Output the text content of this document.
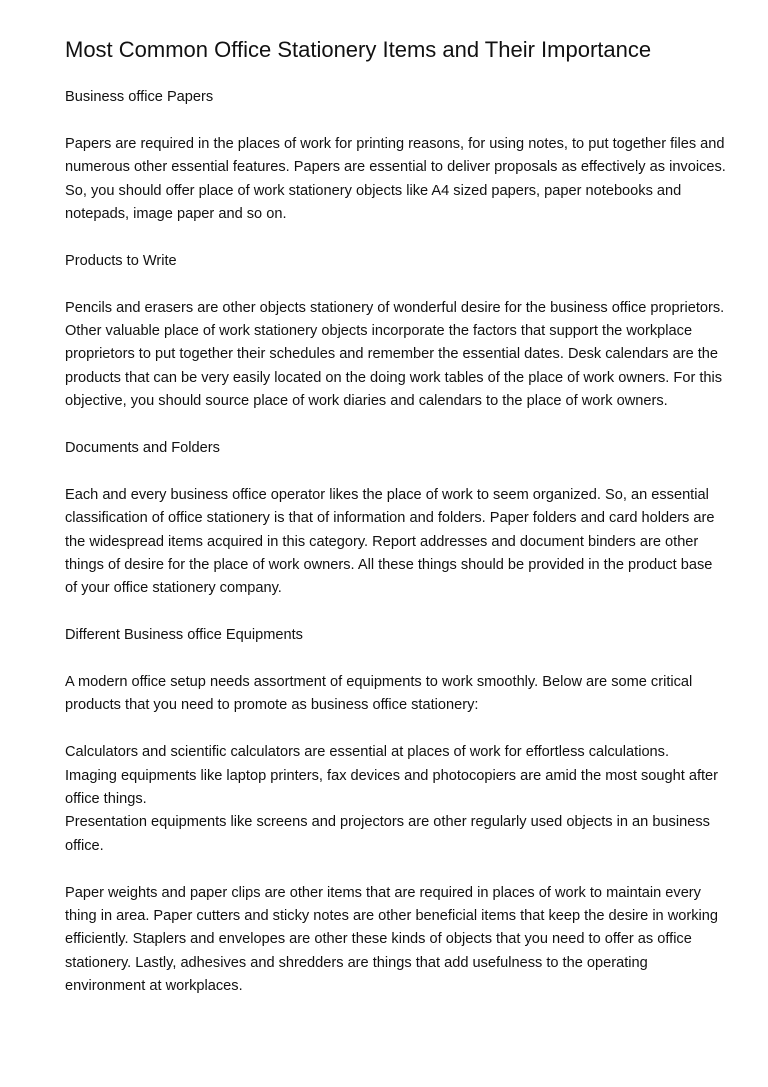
Most Common Office Stationery Items and Their Importance

Business office Papers

Papers are required in the places of work for printing reasons, for using notes, to put together files and numerous other essential features. Papers are essential to deliver proposals as effectively as invoices. So, you should offer place of work stationery objects like A4 sized papers, paper notebooks and notepads, image paper and so on.

Products to Write

Pencils and erasers are other objects stationery of wonderful desire for the business office proprietors. Other valuable place of work stationery objects incorporate the factors that support the workplace proprietors to put together their schedules and remember the essential dates. Desk calendars are the products that can be very easily located on the doing work tables of the place of work owners. For this objective, you should source place of work diaries and calendars to the place of work owners.

Documents and Folders

Each and every business office operator likes the place of work to seem organized. So, an essential classification of office stationery is that of information and folders. Paper folders and card holders are the widespread items acquired in this category. Report addresses and document binders are other things of desire for the place of work owners. All these things should be provided in the product base of your office stationery company.

Different Business office Equipments

A modern office setup needs assortment of equipments to work smoothly. Below are some critical products that you need to promote as business office stationery:

Calculators and scientific calculators are essential at places of work for effortless calculations.

Imaging equipments like laptop printers, fax devices and photocopiers are amid the most sought after office things.

Presentation equipments like screens and projectors are other regularly used objects in an business office.

Paper weights and paper clips are other items that are required in places of work to maintain every thing in area. Paper cutters and sticky notes are other beneficial items that keep the desire in working efficiently. Staplers and envelopes are other these kinds of objects that you need to offer as office stationery. Lastly, adhesives and shredders are things that add usefulness to the operating environment at workplaces.
